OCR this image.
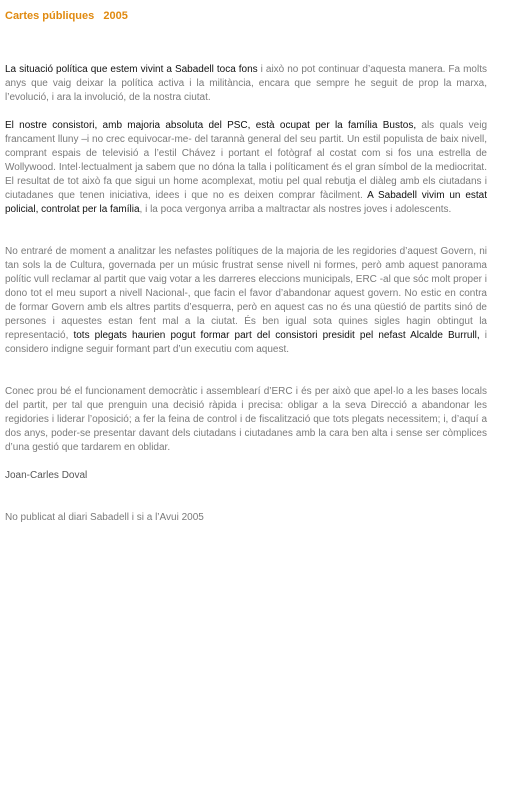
Cartes públiques   2005

La situació política que estem vivint a Sabadell toca fons i això no pot continuar d’aquesta manera. Fa molts anys que vaig deixar la política activa i la militància, encara que sempre he seguit de prop la marxa, l’evolució, i ara la involució, de la nostra ciutat.

El nostre consistori, amb majoria absoluta del PSC, està ocupat per la família Bustos, als quals veig francament lluny –i no crec equivocar-me- del tarannà general del seu partit. Un estil populista de baix nivell, comprant espais de televisió a l’estil Chávez i portant el fotògraf al costat com si fos una estrella de Wollywood. Intel·lectualment ja sabem que no dóna la talla i políticament és el gran símbol de la mediocritat. El resultat de tot això fa que sigui un home acomplexat, motiu pel qual rebutja el diàleg amb els ciutadans i ciutadanes que tenen iniciativa, idees i que no es deixen comprar fàcilment. A Sabadell vivim un estat policial, controlat per la família, i la poca vergonya arriba a maltractar als nostres joves i adolescents.

No entraré de moment a analitzar les nefastes polítiques de la majoria de les regidories d’aquest Govern, ni tan sols la de Cultura, governada per un músic frustrat sense nivell ni formes, però amb aquest panorama polític vull reclamar al partit que vaig votar a les darreres eleccions municipals, ERC -al que sóc molt proper i dono tot el meu suport a nivell Nacional-, que facin el favor d’abandonar aquest govern. No estic en contra de formar Govern amb els altres partits d’esquerra, però en aquest cas no és una qüestió de partits sinó de persones i aquestes estan fent mal a la ciutat. És ben igual sota quines sigles hagin obtingut la representació, tots plegats haurien pogut formar part del consistori presidit pel nefast Alcalde Burrull, i considero indigne seguir formant part d’un executiu com aquest.

Conec prou bé el funcionament democràtic i assemblearí d’ERC i és per això que apel·lo a les bases locals del partit, per tal que prenguin una decisió ràpida i precisa: obligar a la seva Direcció a abandonar les regidories i liderar l’oposició; a fer la feina de control i de fiscalització que tots plegats necessitem; i, d’aquí a dos anys, poder-se presentar davant dels ciutadans i ciutadanes amb la cara ben alta i sense ser còmplices d’una gestió que tardarem en oblidar.

Joan-Carles Doval
No publicat al diari Sabadell i si a l’Avui 2005
